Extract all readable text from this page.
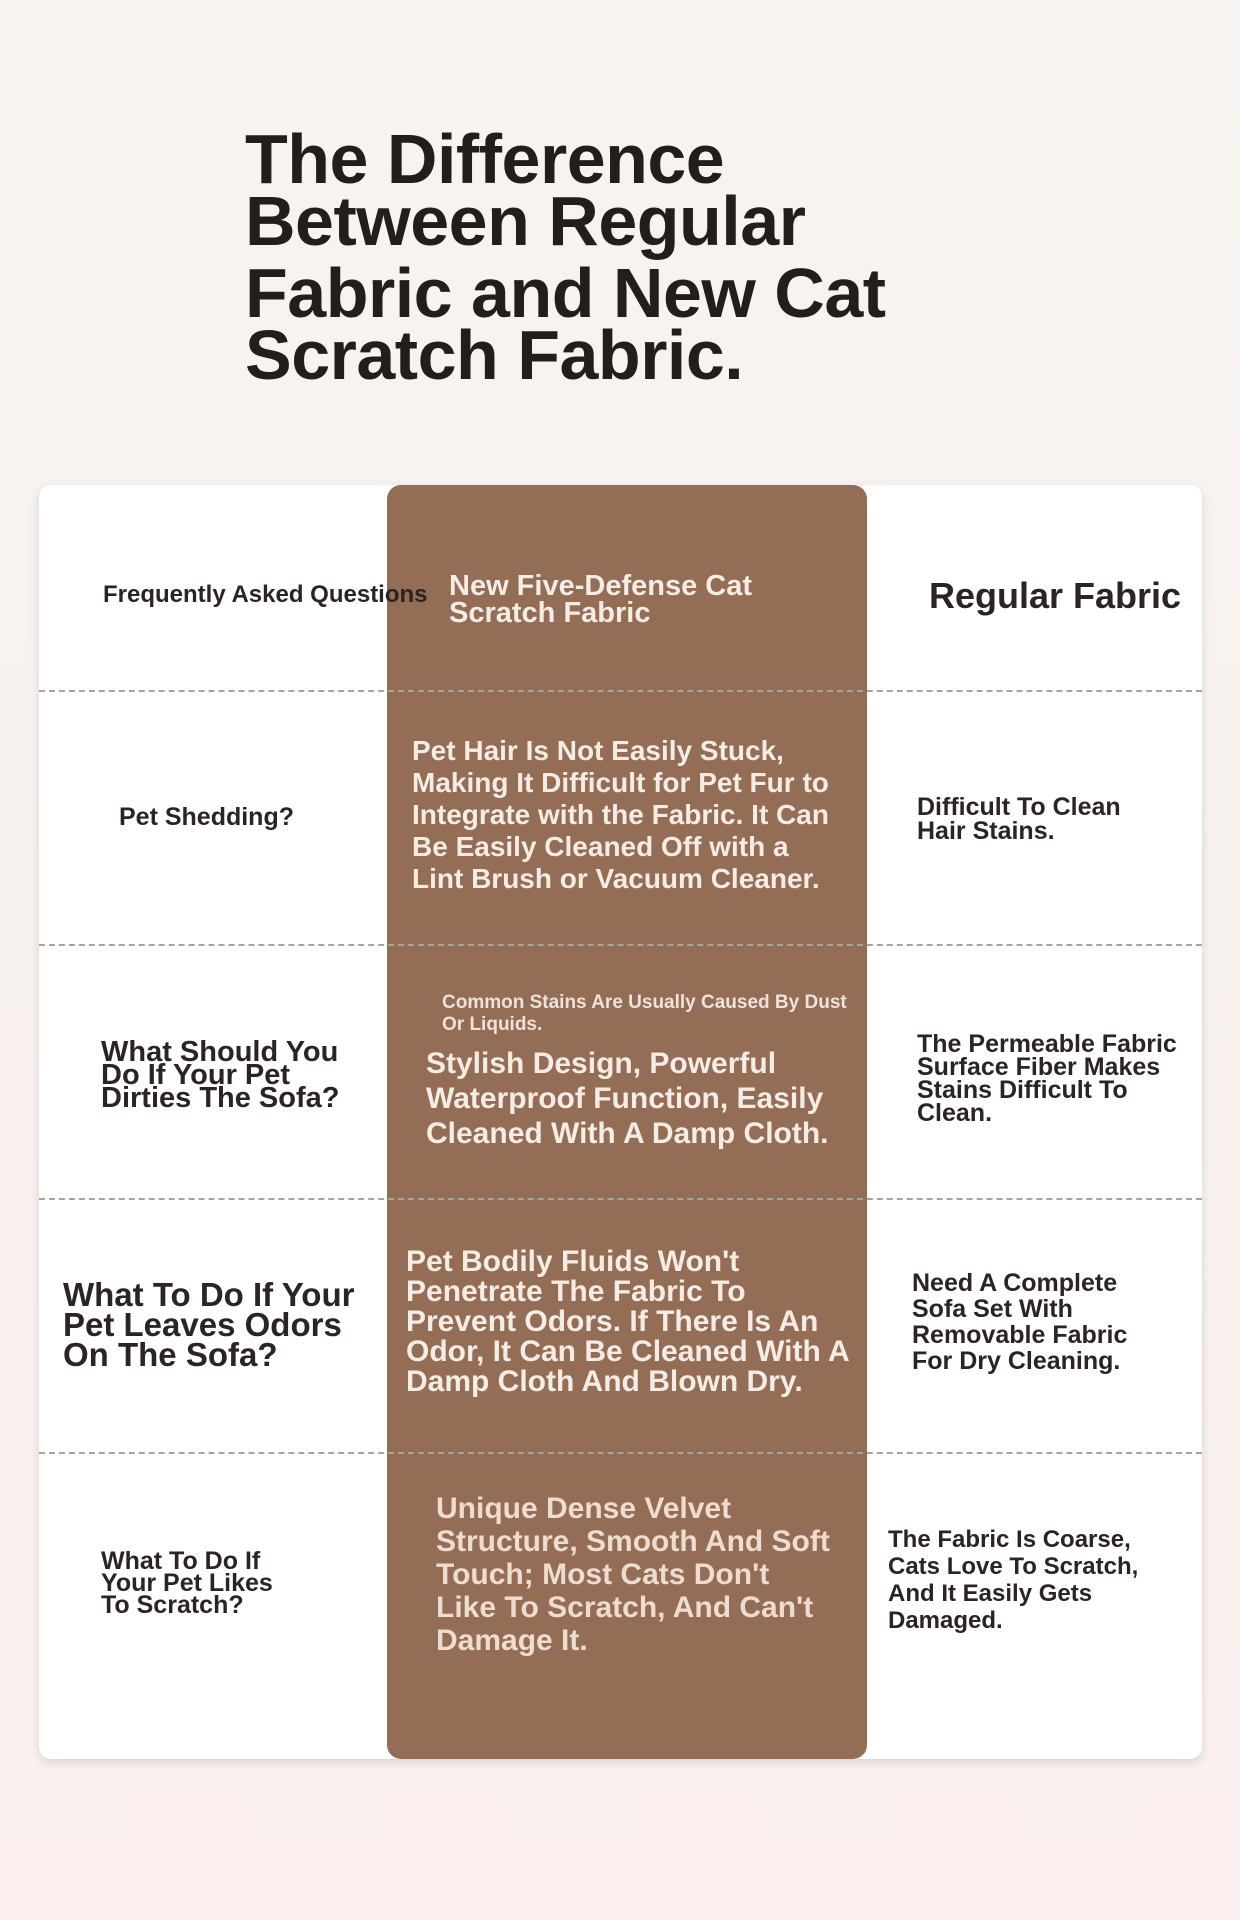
The Difference
Between Regular
Fabric and New Cat
Scratch Fabric.
Frequently Asked Questions New Five-Defense Cat Scratch Fabric	Regular Fabric
Pet Shedding?
Pet Hair Is Not Easily Stuck, Making It Difficult for Pet Fur to Integrate with the Fabric. It Can Be Easily Cleaned Off with a Lint Brush or Vacuum Cleaner.
Difficult To Clean Hair Stains.
What Should You Do If Your Pet Dirties The Sofa?
Common Stains Are Usually Caused By Dust Or Liquids.
Stylish Design, Powerful Waterproof Function, Easily Cleaned With A Damp Cloth.
The Permeable Fabric Surface Fiber Makes Stains Difficult To Clean.
What To Do If Your Pet Leaves Odors On The Sofa?
Pet Bodily Fluids Won't Penetrate The Fabric To Prevent Odors. If There Is An Odor, It Can Be Cleaned With A Damp Cloth And Blown Dry.
Need A Complete Sofa Set With Removable Fabric For Dry Cleaning.
What To Do If Your Pet Likes To Scratch?
Unique Dense Velvet Structure, Smooth And Soft Touch; Most Cats Don't Like To Scratch, And Can't Damage It.
The Fabric Is Coarse, Cats Love To Scratch, And It Easily Gets Damaged.
